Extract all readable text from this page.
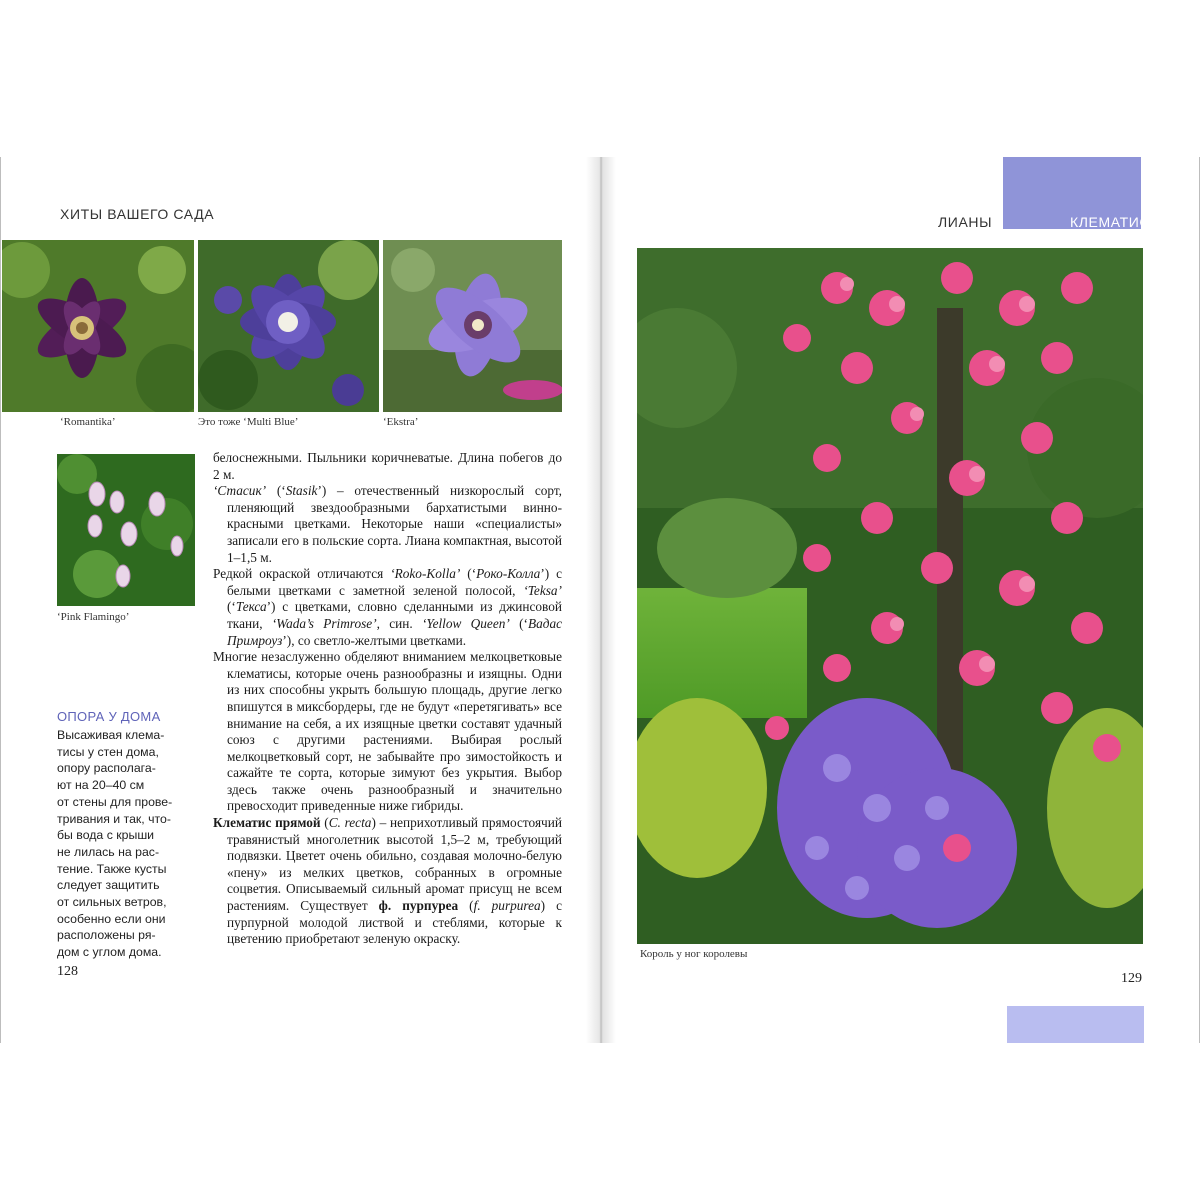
ХИТЫ ВАШЕГО САДА	ЛИАНЫ	КЛЕМАТИС
‘Romantika’	Это тоже ‘Multi Blue’	‘Ekstra’
‘Pink Flamingo’

белоснежными. Пыльники коричневатые. Длина побегов до 2 м.

‘Стасик’ (‘Stasik’) – отечественный низкорослый сорт, пленяющий звездообразными бархатистыми винно-красными цветками. Некоторые наши «специалисты» записали его в польские сорта. Лиана компактная, высотой 1–1,5 м.

Редкой окраской отличаются ‘Roko-Kolla’ (‘Роко-Колла’) с белыми цветками с заметной зеленой полосой, ‘Teksa’ (‘Текса’) с цветками, словно сделанными из джинсовой ткани, ‘Wada’s Primrose’, син. ‘Yellow Queen’ (‘Вадас Примроуз’), со светло-желтыми цветками.

Многие незаслуженно обделяют вниманием мелкоцветковые клематисы, которые очень разнообразны и изящны. Одни из них способны укрыть большую площадь, другие легко впишутся в миксбордеры, где не будут «перетягивать» все внимание на себя, а их изящные цветки составят удачный союз с другими растениями. Выбирая рослый мелкоцветковый сорт, не забывайте про зимостойкость и сажайте те сорта, которые зимуют без укрытия. Выбор здесь также очень разнообразный и значительно превосходит приведенные ниже гибриды.

Клематис прямой (C. recta) – неприхотливый прямостоячий травянистый многолетник высотой 1,5–2 м, требующий подвязки. Цветет очень обильно, создавая молочно-белую «пену» из мелких цветков, собранных в огромные соцветия. Описываемый сильный аромат присущ не всем растениям. Существует ф. пурпуреа (f. purpurea) с пурпурной молодой листвой и стеблями, которые к цветению приобретают зеленую окраску.

ОПОРА У ДОМА
Высаживая клема-
тисы у стен дома,
опору располага-
ют на 20–40 см
от стены для прове-
тривания и так, что-
бы вода с крыши
не лилась на рас-
тение. Также кусты
следует защитить
от сильных ветров,
особенно если они
расположены ря-
дом с углом дома.
128
Король у ног королевы
129
